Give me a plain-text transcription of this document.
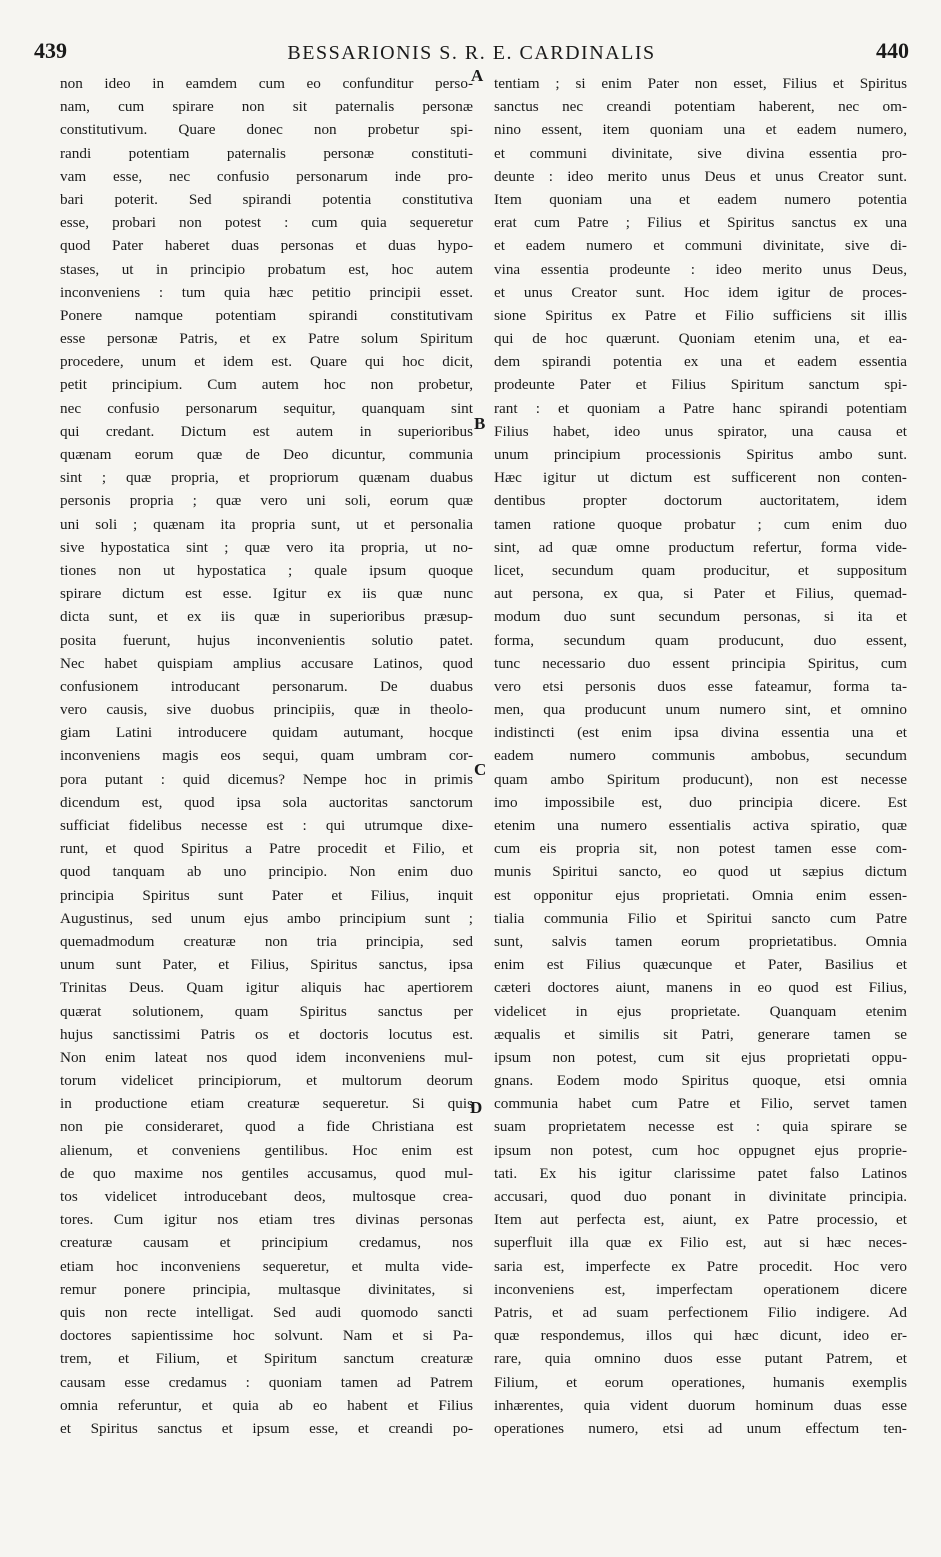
439	BESSARIONIS S. R. E. CARDINALIS	440
non ideo in eamdem cum eo confunditur perso-
nam, cum spirare non sit paternalis personæ
constitutivum. Quare donec non probetur spi-
randi potentiam paternalis personæ constituti-
vam esse, nec confusio personarum inde pro-
bari poterit. Sed spirandi potentia constitutiva
esse, probari non potest : cum quia sequeretur
quod Pater haberet duas personas et duas hypo-
stases, ut in principio probatum est, hoc autem
inconveniens : tum quia hæc petitio principii esset.
Ponere namque potentiam spirandi constitutivam
esse personæ Patris, et ex Patre solum Spiritum
procedere, unum et idem est. Quare qui hoc dicit,
petit principium. Cum autem hoc non probetur,
nec confusio personarum sequitur, quanquam sint
qui credant. Dictum est autem in superioribus
quænam eorum quæ de Deo dicuntur, communia
sint ; quæ propria, et propriorum quænam duabus
personis propria ; quæ vero uni soli, eorum quæ
uni soli ; quænam ita propria sunt, ut et personalia
sive hypostatica sint ; quæ vero ita propria, ut no-
tiones non ut hypostatica ; quale ipsum quoque
spirare dictum est esse. Igitur ex iis quæ nunc
dicta sunt, et ex iis quæ in superioribus præsup-
posita fuerunt, hujus inconvenientis solutio patet.
Nec habet quispiam amplius accusare Latinos, quod
confusionem introducant personarum. De duabus
vero causis, sive duobus principiis, quæ in theolo-
giam Latini introducere quidam autumant, hocque
inconveniens magis eos sequi, quam umbram cor-
pora putant : quid dicemus? Nempe hoc in primis
dicendum est, quod ipsa sola auctoritas sanctorum
sufficiat fidelibus necesse est : qui utrumque dixe-
runt, et quod Spiritus a Patre procedit et Filio, et
quod tanquam ab uno principio. Non enim duo
principia Spiritus sunt Pater et Filius, inquit
Augustinus, sed unum ejus ambo principium sunt ;
quemadmodum creaturæ non tria principia, sed
unum sunt Pater, et Filius, Spiritus sanctus, ipsa
Trinitas Deus. Quam igitur aliquis hac apertiorem
quærat solutionem, quam Spiritus sanctus per
hujus sanctissimi Patris os et doctoris locutus est.
Non enim lateat nos quod idem inconveniens mul-
torum videlicet principiorum, et multorum deorum
in productione etiam creaturæ sequeretur. Si quis
non pie consideraret, quod a fide Christiana est
alienum, et conveniens gentilibus. Hoc enim est
de quo maxime nos gentiles accusamus, quod mul-
tos videlicet introducebant deos, multosque crea-
tores. Cum igitur nos etiam tres divinas personas
creaturæ causam et principium credamus, nos
etiam hoc inconveniens sequeretur, et multa vide-
remur ponere principia, multasque divinitates, si
quis non recte intelligat. Sed audi quomodo sancti
doctores sapientissime hoc solvunt. Nam et si Pa-
trem, et Filium, et Spiritum sanctum creaturæ
causam esse credamus : quoniam tamen ad Patrem
omnia referuntur, et quia ab eo habent et Filius
et Spiritus sanctus et ipsum esse, et creandi po-
tentiam ; si enim Pater non esset, Filius et Spiritus
sanctus nec creandi potentiam haberent, nec om-
nino essent, item quoniam una et eadem numero,
et communi divinitate, sive divina essentia pro-
deunte : ideo merito unus Deus et unus Creator sunt.
Item quoniam una et eadem numero potentia
erat cum Patre ; Filius et Spiritus sanctus ex una
et eadem numero et communi divinitate, sive di-
vina essentia prodeunte : ideo merito unus Deus,
et unus Creator sunt. Hoc idem igitur de proces-
sione Spiritus ex Patre et Filio sufficiens sit illis
qui de hoc quærunt. Quoniam etenim una, et ea-
dem spirandi potentia ex una et eadem essentia
prodeunte Pater et Filius Spiritum sanctum spi-
rant : et quoniam a Patre hanc spirandi potentiam
Filius habet, ideo unus spirator, una causa et
unum principium processionis Spiritus ambo sunt.
Hæc igitur ut dictum est sufficerent non conten-
dentibus propter doctorum auctoritatem, idem
tamen ratione quoque probatur ; cum enim duo
sint, ad quæ omne productum refertur, forma vide-
licet, secundum quam producitur, et suppositum
aut persona, ex qua, si Pater et Filius, quemad-
modum duo sunt secundum personas, si ita et
forma, secundum quam producunt, duo essent,
tunc necessario duo essent principia Spiritus, cum
vero etsi personis duos esse fateamur, forma ta-
men, qua producunt unum numero sint, et omnino
indistincti (est enim ipsa divina essentia una et
eadem numero communis ambobus, secundum
quam ambo Spiritum producunt), non est necesse
imo impossibile est, duo principia dicere. Est
etenim una numero essentialis activa spiratio, quæ
cum eis propria sit, non potest tamen esse com-
munis Spiritui sancto, eo quod ut sæpius dictum
est opponitur ejus proprietati. Omnia enim essen-
tialia communia Filio et Spiritui sancto cum Patre
sunt, salvis tamen eorum proprietatibus. Omnia
enim est Filius quæcunque et Pater, Basilius et
cæteri doctores aiunt, manens in eo quod est Filius,
videlicet in ejus proprietate. Quanquam etenim
æqualis et similis sit Patri, generare tamen se
ipsum non potest, cum sit ejus proprietati oppu-
gnans. Eodem modo Spiritus quoque, etsi omnia
communia habet cum Patre et Filio, servet tamen
suam proprietatem necesse est : quia spirare se
ipsum non potest, cum hoc oppugnet ejus proprie-
tati. Ex his igitur clarissime patet falso Latinos
accusari, quod duo ponant in divinitate principia.
Item aut perfecta est, aiunt, ex Patre processio, et
superfluit illa quæ ex Filio est, aut si hæc neces-
saria est, imperfecte ex Patre procedit. Hoc vero
inconveniens est, imperfectam operationem dicere
Patris, et ad suam perfectionem Filio indigere. Ad
quæ respondemus, illos qui hæc dicunt, ideo er-
rare, quia omnino duos esse putant Patrem, et
Filium, et eorum operationes, humanis exemplis
inhærentes, quia vident duorum hominum duas esse
operationes numero, etsi ad unum effectum ten-
A
B
C
D
